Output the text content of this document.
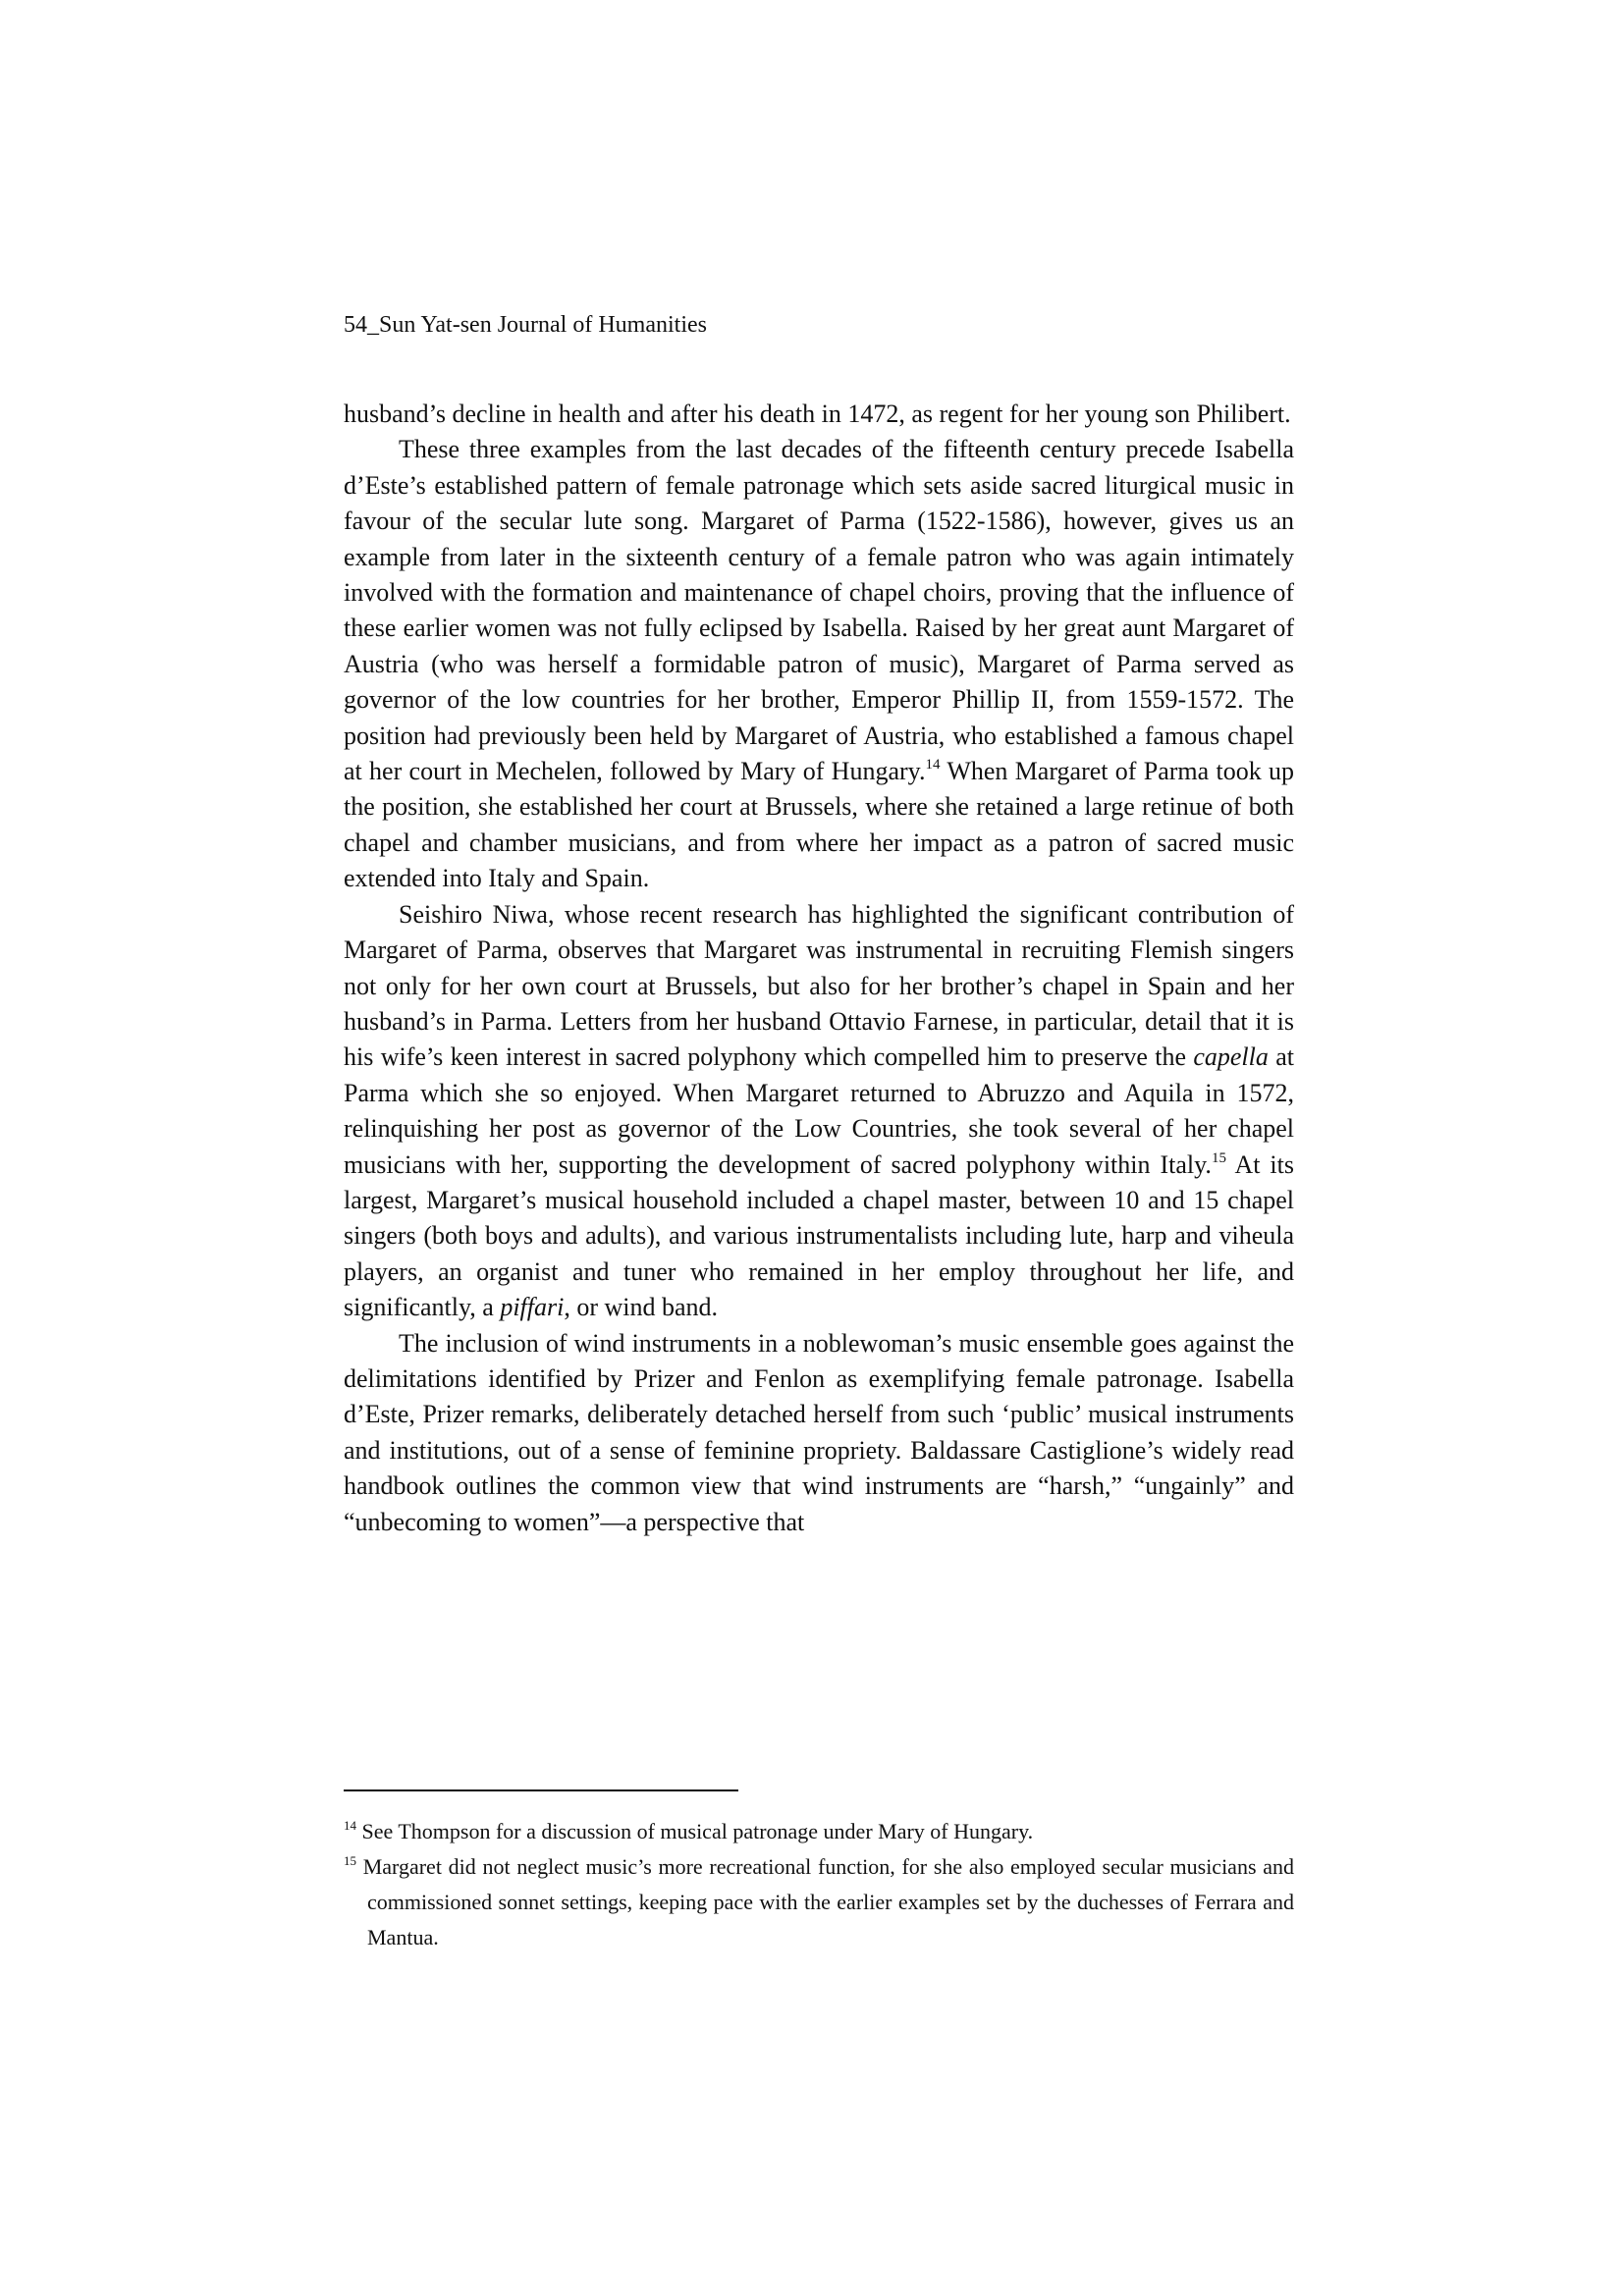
54_Sun Yat-sen Journal of Humanities

husband’s decline in health and after his death in 1472, as regent for her young son Philibert.

These three examples from the last decades of the fifteenth century precede Isabella d’Este’s established pattern of female patronage which sets aside sacred liturgical music in favour of the secular lute song. Margaret of Parma (1522-1586), however, gives us an example from later in the sixteenth century of a female patron who was again intimately involved with the formation and maintenance of chapel choirs, proving that the influence of these earlier women was not fully eclipsed by Isabella. Raised by her great aunt Margaret of Austria (who was herself a formidable patron of music), Margaret of Parma served as governor of the low countries for her brother, Emperor Phillip II, from 1559-1572. The position had previously been held by Margaret of Austria, who established a famous chapel at her court in Mechelen, followed by Mary of Hungary.$^{14}$ When Margaret of Parma took up the position, she established her court at Brussels, where she retained a large retinue of both chapel and chamber musicians, and from where her impact as a patron of sacred music extended into Italy and Spain.

Seishiro Niwa, whose recent research has highlighted the significant contribution of Margaret of Parma, observes that Margaret was instrumental in recruiting Flemish singers not only for her own court at Brussels, but also for her brother’s chapel in Spain and her husband’s in Parma. Letters from her husband Ottavio Farnese, in particular, detail that it is his wife’s keen interest in sacred polyphony which compelled him to preserve the capella at Parma which she so enjoyed. When Margaret returned to Abruzzo and Aquila in 1572, relinquishing her post as governor of the Low Countries, she took several of her chapel musicians with her, supporting the development of sacred polyphony within Italy.$^{15}$ At its largest, Margaret’s musical household included a chapel master, between 10 and 15 chapel singers (both boys and adults), and various instrumentalists including lute, harp and viheula players, an organist and tuner who remained in her employ throughout her life, and significantly, a piffari, or wind band.

The inclusion of wind instruments in a noblewoman’s music ensemble goes against the delimitations identified by Prizer and Fenlon as exemplifying female patronage. Isabella d’Este, Prizer remarks, deliberately detached herself from such ‘public’ musical instruments and institutions, out of a sense of feminine propriety. Baldassare Castiglione’s widely read handbook outlines the common view that wind instruments are “harsh,” “ungainly” and “unbecoming to women”—a perspective that

$^{14}$ See Thompson for a discussion of musical patronage under Mary of Hungary.

$^{15}$ Margaret did not neglect music’s more recreational function, for she also employed secular musicians and commissioned sonnet settings, keeping pace with the earlier examples set by the duchesses of Ferrara and Mantua.
